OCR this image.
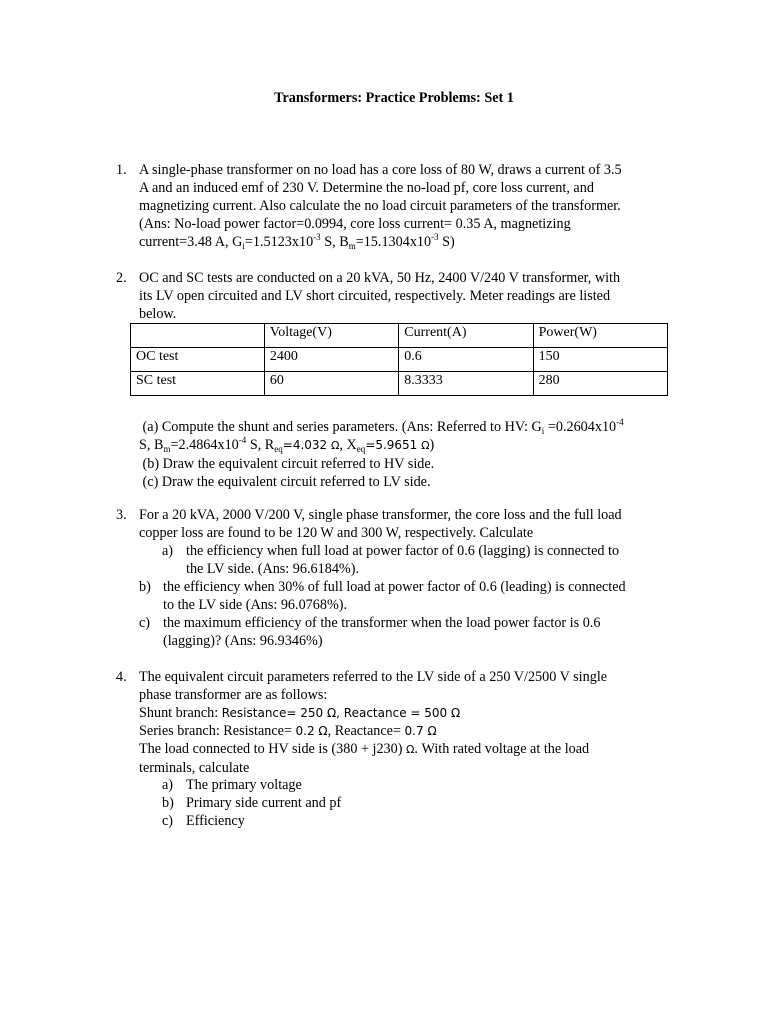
Transformers: Practice Problems: Set 1
1. A single-phase transformer on no load has a core loss of 80 W, draws a current of 3.5
A and an induced emf of 230 V. Determine the no-load pf, core loss current, and
magnetizing current. Also calculate the no load circuit parameters of the transformer.
(Ans: No-load power factor=0.0994, core loss current= 0.35 A, magnetizing
current=3.48 A, $G_i=1.5123x10^{-3}$ S, $B_m=15.1304x10^{-3}$ S)
2. OC and SC tests are conducted on a 20 kVA, 50 Hz, 2400 V/240 V transformer, with
its LV open circuited and LV short circuited, respectively. Meter readings are listed
below.
	Voltage(V)	Current(A)	Power(W)
OC test	2400	0.6	150
SC test	60	8.3333	280
(a) Compute the shunt and series parameters. (Ans: Referred to HV: $G_i =0.2604x10^{-4}$
S, $B_m=2.4864x10^{-4}$ S, $R_{eq}=4.032$ Ω, $X_{eq}=5.9651$ Ω)
(b) Draw the equivalent circuit referred to HV side.
(c) Draw the equivalent circuit referred to LV side.
3. For a 20 kVA, 2000 V/200 V, single phase transformer, the core loss and the full load
copper loss are found to be 120 W and 300 W, respectively. Calculate
a) the efficiency when full load at power factor of 0.6 (lagging) is connected to
the LV side. (Ans: 96.6184%).
b) the efficiency when 30% of full load at power factor of 0.6 (leading) is connected
to the LV side (Ans: 96.0768%).
c) the maximum efficiency of the transformer when the load power factor is 0.6
(lagging)? (Ans: 96.9346%)
4. The equivalent circuit parameters referred to the LV side of a 250 V/2500 V single
phase transformer are as follows:
Shunt branch: Resistance= 250 Ω, Reactance = 500 Ω
Series branch: Resistance= 0.2 Ω, Reactance= 0.7 Ω
The load connected to HV side is (380 + j230) Ω. With rated voltage at the load
terminals, calculate
a) The primary voltage
b) Primary side current and pf
c) Efficiency
